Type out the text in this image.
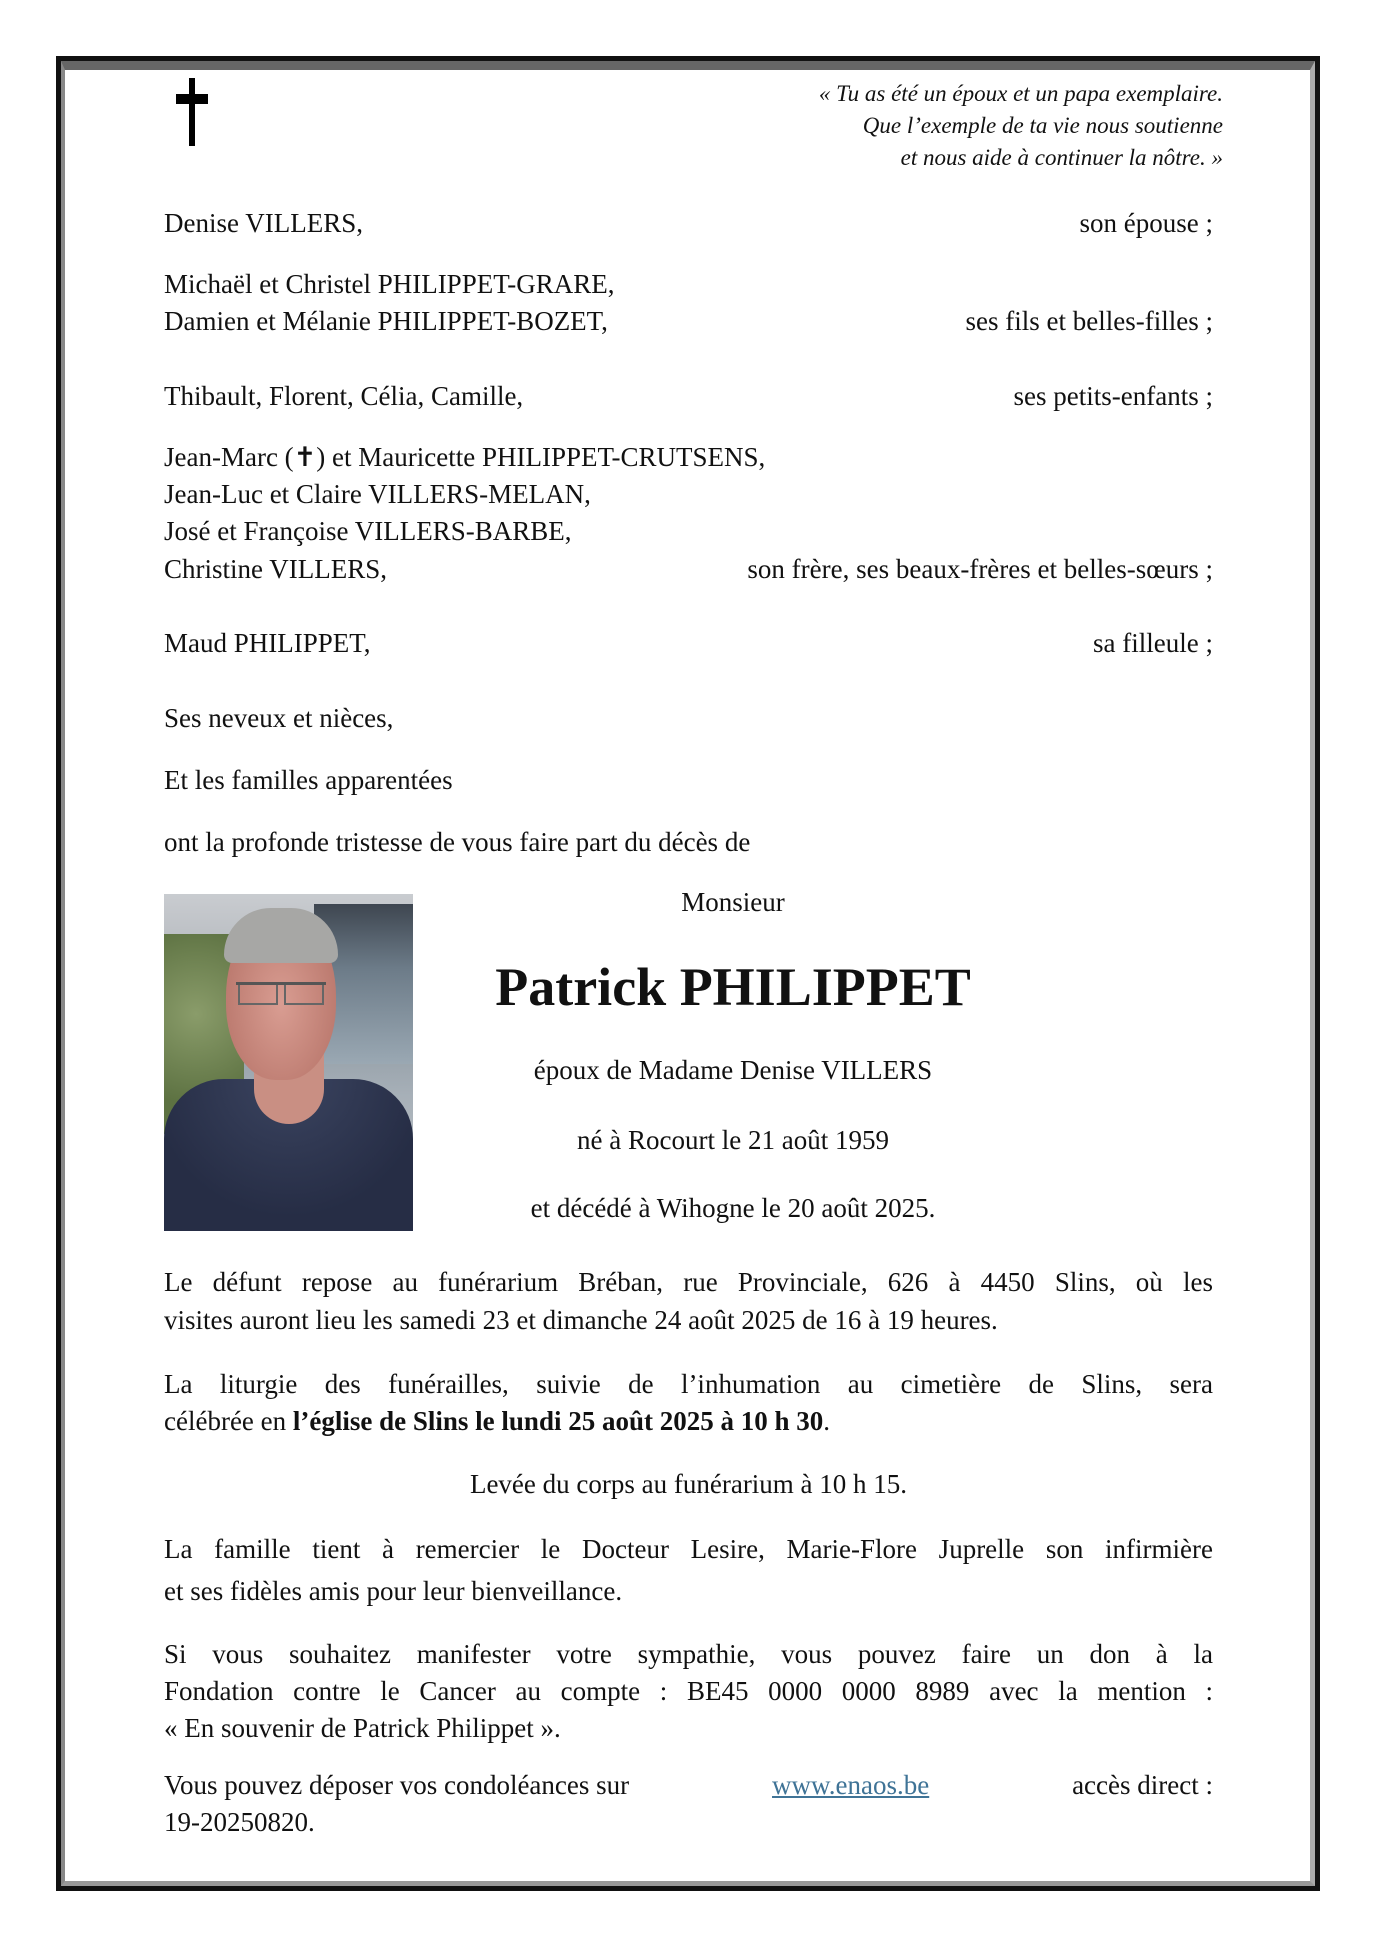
« Tu as été un époux et un papa exemplaire.
Que l’exemple de ta vie nous soutienne
et nous aide à continuer la nôtre. »
Denise VILLERS,	son épouse ;
Michaël et Christel PHILIPPET-GRARE,
Damien et Mélanie PHILIPPET-BOZET,	ses fils et belles-filles ;
Thibault, Florent, Célia, Camille,	ses petits-enfants ;
Jean-Marc (✝) et Mauricette PHILIPPET-CRUTSENS,
Jean-Luc et Claire VILLERS-MELAN,
José et Françoise VILLERS-BARBE,
Christine VILLERS,	son frère, ses beaux-frères et belles-sœurs ;
Maud PHILIPPET,	sa filleule ;
Ses neveux et nièces,
Et les familles apparentées
ont la profonde tristesse de vous faire part du décès de
Monsieur
Patrick PHILIPPET
époux de Madame Denise VILLERS
né à Rocourt le 21 août 1959
et décédé à Wihogne le 20 août 2025.
Le défunt repose au funérarium Bréban, rue Provinciale, 626 à 4450 Slins, où les
visites auront lieu les samedi 23 et dimanche 24 août 2025 de 16 à 19 heures.
La liturgie des funérailles, suivie de l’inhumation au cimetière de Slins, sera
célébrée en l’église de Slins le lundi 25 août 2025 à 10 h 30.
Levée du corps au funérarium à 10 h 15.
La famille tient à remercier le Docteur Lesire, Marie-Flore Juprelle son infirmière
et ses fidèles amis pour leur bienveillance.
Si vous souhaitez manifester votre sympathie, vous pouvez faire un don à la
Fondation contre le Cancer au compte : BE45 0000 0000 8989 avec la mention :
« En souvenir de Patrick Philippet ».
Vous pouvez déposer vos condoléances sur	www.enaos.be	accès direct :
19-20250820.
